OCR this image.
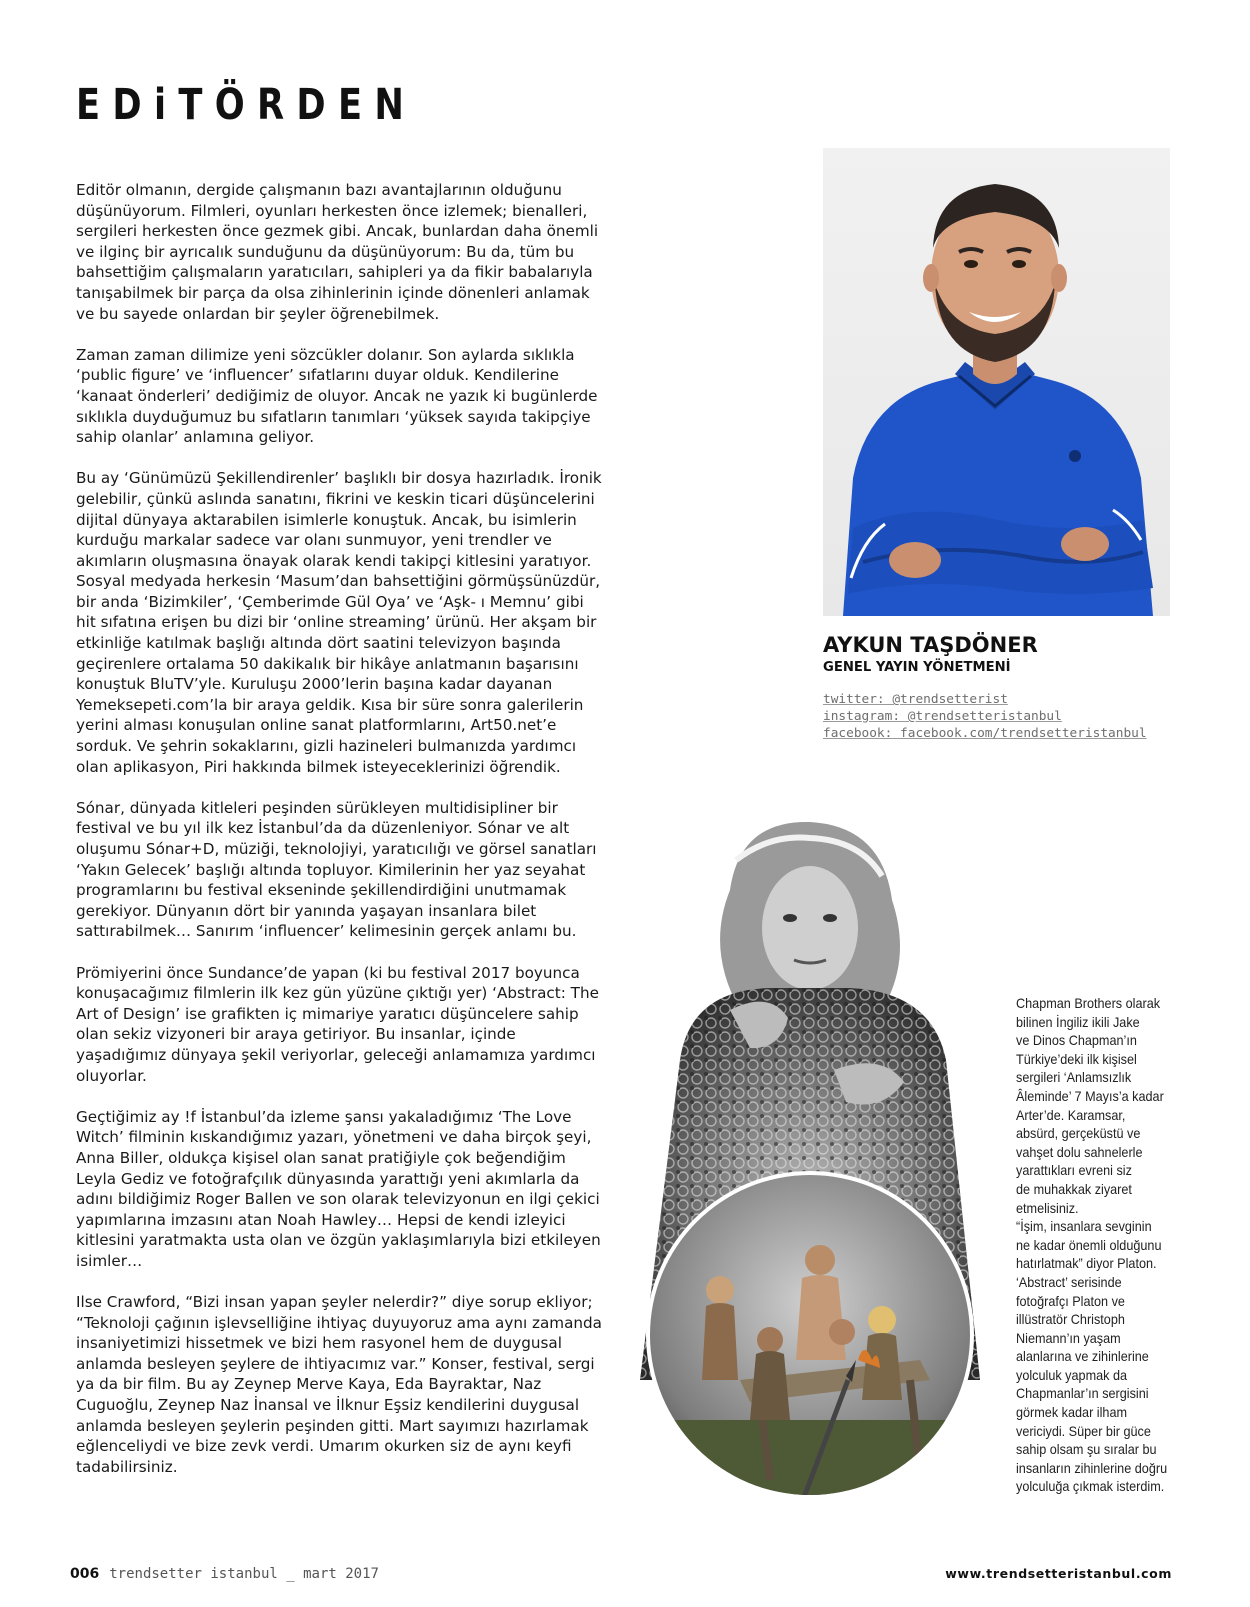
EDiTÖRDEN

Editör olmanın, dergide çalışmanın bazı avantajlarının olduğunu düşünüyorum. Filmleri, oyunları herkesten önce izlemek; bienalleri, sergileri herkesten önce gezmek gibi. Ancak, bunlardan daha önemli ve ilginç bir ayrıcalık sunduğunu da düşünüyorum: Bu da, tüm bu bahsettiğim çalışmaların yaratıcıları, sahipleri ya da fikir babalarıyla tanışabilmek bir parça da olsa zihinlerinin içinde dönenleri anlamak ve bu sayede onlardan bir şeyler öğrenebilmek.

Zaman zaman dilimize yeni sözcükler dolanır. Son aylarda sıklıkla ‘public figure’ ve ‘influencer’ sıfatlarını duyar olduk. Kendilerine ‘kanaat önderleri’ dediğimiz de oluyor. Ancak ne yazık ki bugünlerde sıklıkla duyduğumuz bu sıfatların tanımları ‘yüksek sayıda takipçiye sahip olanlar’ anlamına geliyor.

Bu ay ‘Günümüzü Şekillendirenler’ başlıklı bir dosya hazırladık. İronik gelebilir, çünkü aslında sanatını, fikrini ve keskin ticari düşüncelerini dijital dünyaya aktarabilen isimlerle konuştuk. Ancak, bu isimlerin kurduğu markalar sadece var olanı sunmuyor, yeni trendler ve akımların oluşmasına önayak olarak kendi takipçi kitlesini yaratıyor. Sosyal medyada herkesin ‘Masum’dan bahsettiğini görmüşsünüzdür, bir anda ‘Bizimkiler’, ‘Çemberimde Gül Oya’ ve ‘Aşk- ı Memnu’ gibi hit sıfatına erişen bu dizi bir ‘online streaming’ ürünü. Her akşam bir etkinliğe katılmak başlığı altında dört saatini televizyon başında geçirenlere ortalama 50 dakikalık bir hikâye anlatmanın başarısını konuştuk BluTV’yle. Kuruluşu 2000’lerin başına kadar dayanan Yemeksepeti.com’la bir araya geldik. Kısa bir süre sonra galerilerin yerini alması konuşulan online sanat platformlarını, Art50.net’e sorduk. Ve şehrin sokaklarını, gizli hazineleri bulmanızda yardımcı olan aplikasyon, Piri hakkında bilmek isteyeceklerinizi öğrendik.

Sónar, dünyada kitleleri peşinden sürükleyen multidisipliner bir festival ve bu yıl ilk kez İstanbul’da da düzenleniyor. Sónar ve alt oluşumu Sónar+D, müziği, teknolojiyi, yaratıcılığı ve görsel sanatları ‘Yakın Gelecek’ başlığı altında topluyor. Kimilerinin her yaz seyahat programlarını bu festival ekseninde şekillendirdiğini unutmamak gerekiyor. Dünyanın dört bir yanında yaşayan insanlara bilet sattırabilmek… Sanırım ‘influencer’ kelimesinin gerçek anlamı bu.

Prömiyerini önce Sundance’de yapan (ki bu festival 2017 boyunca konuşacağımız filmlerin ilk kez gün yüzüne çıktığı yer) ‘Abstract: The Art of Design’ ise grafikten iç mimariye yaratıcı düşüncelere sahip olan sekiz vizyoneri bir araya getiriyor. Bu insanlar, içinde yaşadığımız dünyaya şekil veriyorlar, geleceği anlamamıza yardımcı oluyorlar.

Geçtiğimiz ay !f İstanbul’da izleme şansı yakaladığımız ‘The Love Witch’ filminin kıskandığımız yazarı, yönetmeni ve daha birçok şeyi, Anna Biller, oldukça kişisel olan sanat pratiğiyle çok beğendiğim Leyla Gediz ve fotoğrafçılık dünyasında yarattığı yeni akımlarla da adını bildiğimiz Roger Ballen ve son olarak televizyonun en ilgi çekici yapımlarına imzasını atan Noah Hawley… Hepsi de kendi izleyici kitlesini yaratmakta usta olan ve özgün yaklaşımlarıyla bizi etkileyen isimler…

Ilse Crawford, “Bizi insan yapan şeyler nelerdir?” diye sorup ekliyor; “Teknoloji çağının işlevselliğine ihtiyaç duyuyoruz ama aynı zamanda insaniyetimizi hissetmek ve bizi hem rasyonel hem de duygusal anlamda besleyen şeylere de ihtiyacımız var.” Konser, festival, sergi ya da bir film. Bu ay Zeynep Merve Kaya, Eda Bayraktar, Naz Cuguoğlu, Zeynep Naz İnansal ve İlknur Eşsiz kendilerini duygusal anlamda besleyen şeylerin peşinden gitti. Mart sayımızı hazırlamak eğlenceliydi ve bize zevk verdi. Umarım okurken siz de aynı keyfi tadabilirsiniz.

AYKUN TAŞDÖNER
GENEL YAYIN YÖNETMENİ
twitter: @trendsetterist
instagram: @trendsetteristanbul
facebook: facebook.com/trendsetteristanbul
Chapman Brothers olarak
bilinen İngiliz ikili Jake
ve Dinos Chapman’ın
Türkiye’deki ilk kişisel
sergileri ‘Anlamsızlık
Âleminde’ 7 Mayıs’a kadar
Arter’de. Karamsar,
absürd, gerçeküstü ve
vahşet dolu sahnelerle
yarattıkları evreni siz
de muhakkak ziyaret
etmelisiniz.
“İşim, insanlara sevginin
ne kadar önemli olduğunu
hatırlatmak” diyor Platon.
‘Abstract’ serisinde
fotoğrafçı Platon ve
illüstratör Christoph
Niemann’ın yaşam
alanlarına ve zihinlerine
yolculuk yapmak da
Chapmanlar’ın sergisini
görmek kadar ilham
vericiydi. Süper bir güce
sahip olsam şu sıralar bu
insanların zihinlerine doğru
yolculuğa çıkmak isterdim.
006 trendsetter istanbul _ mart 2017	www.trendsetteristanbul.com
